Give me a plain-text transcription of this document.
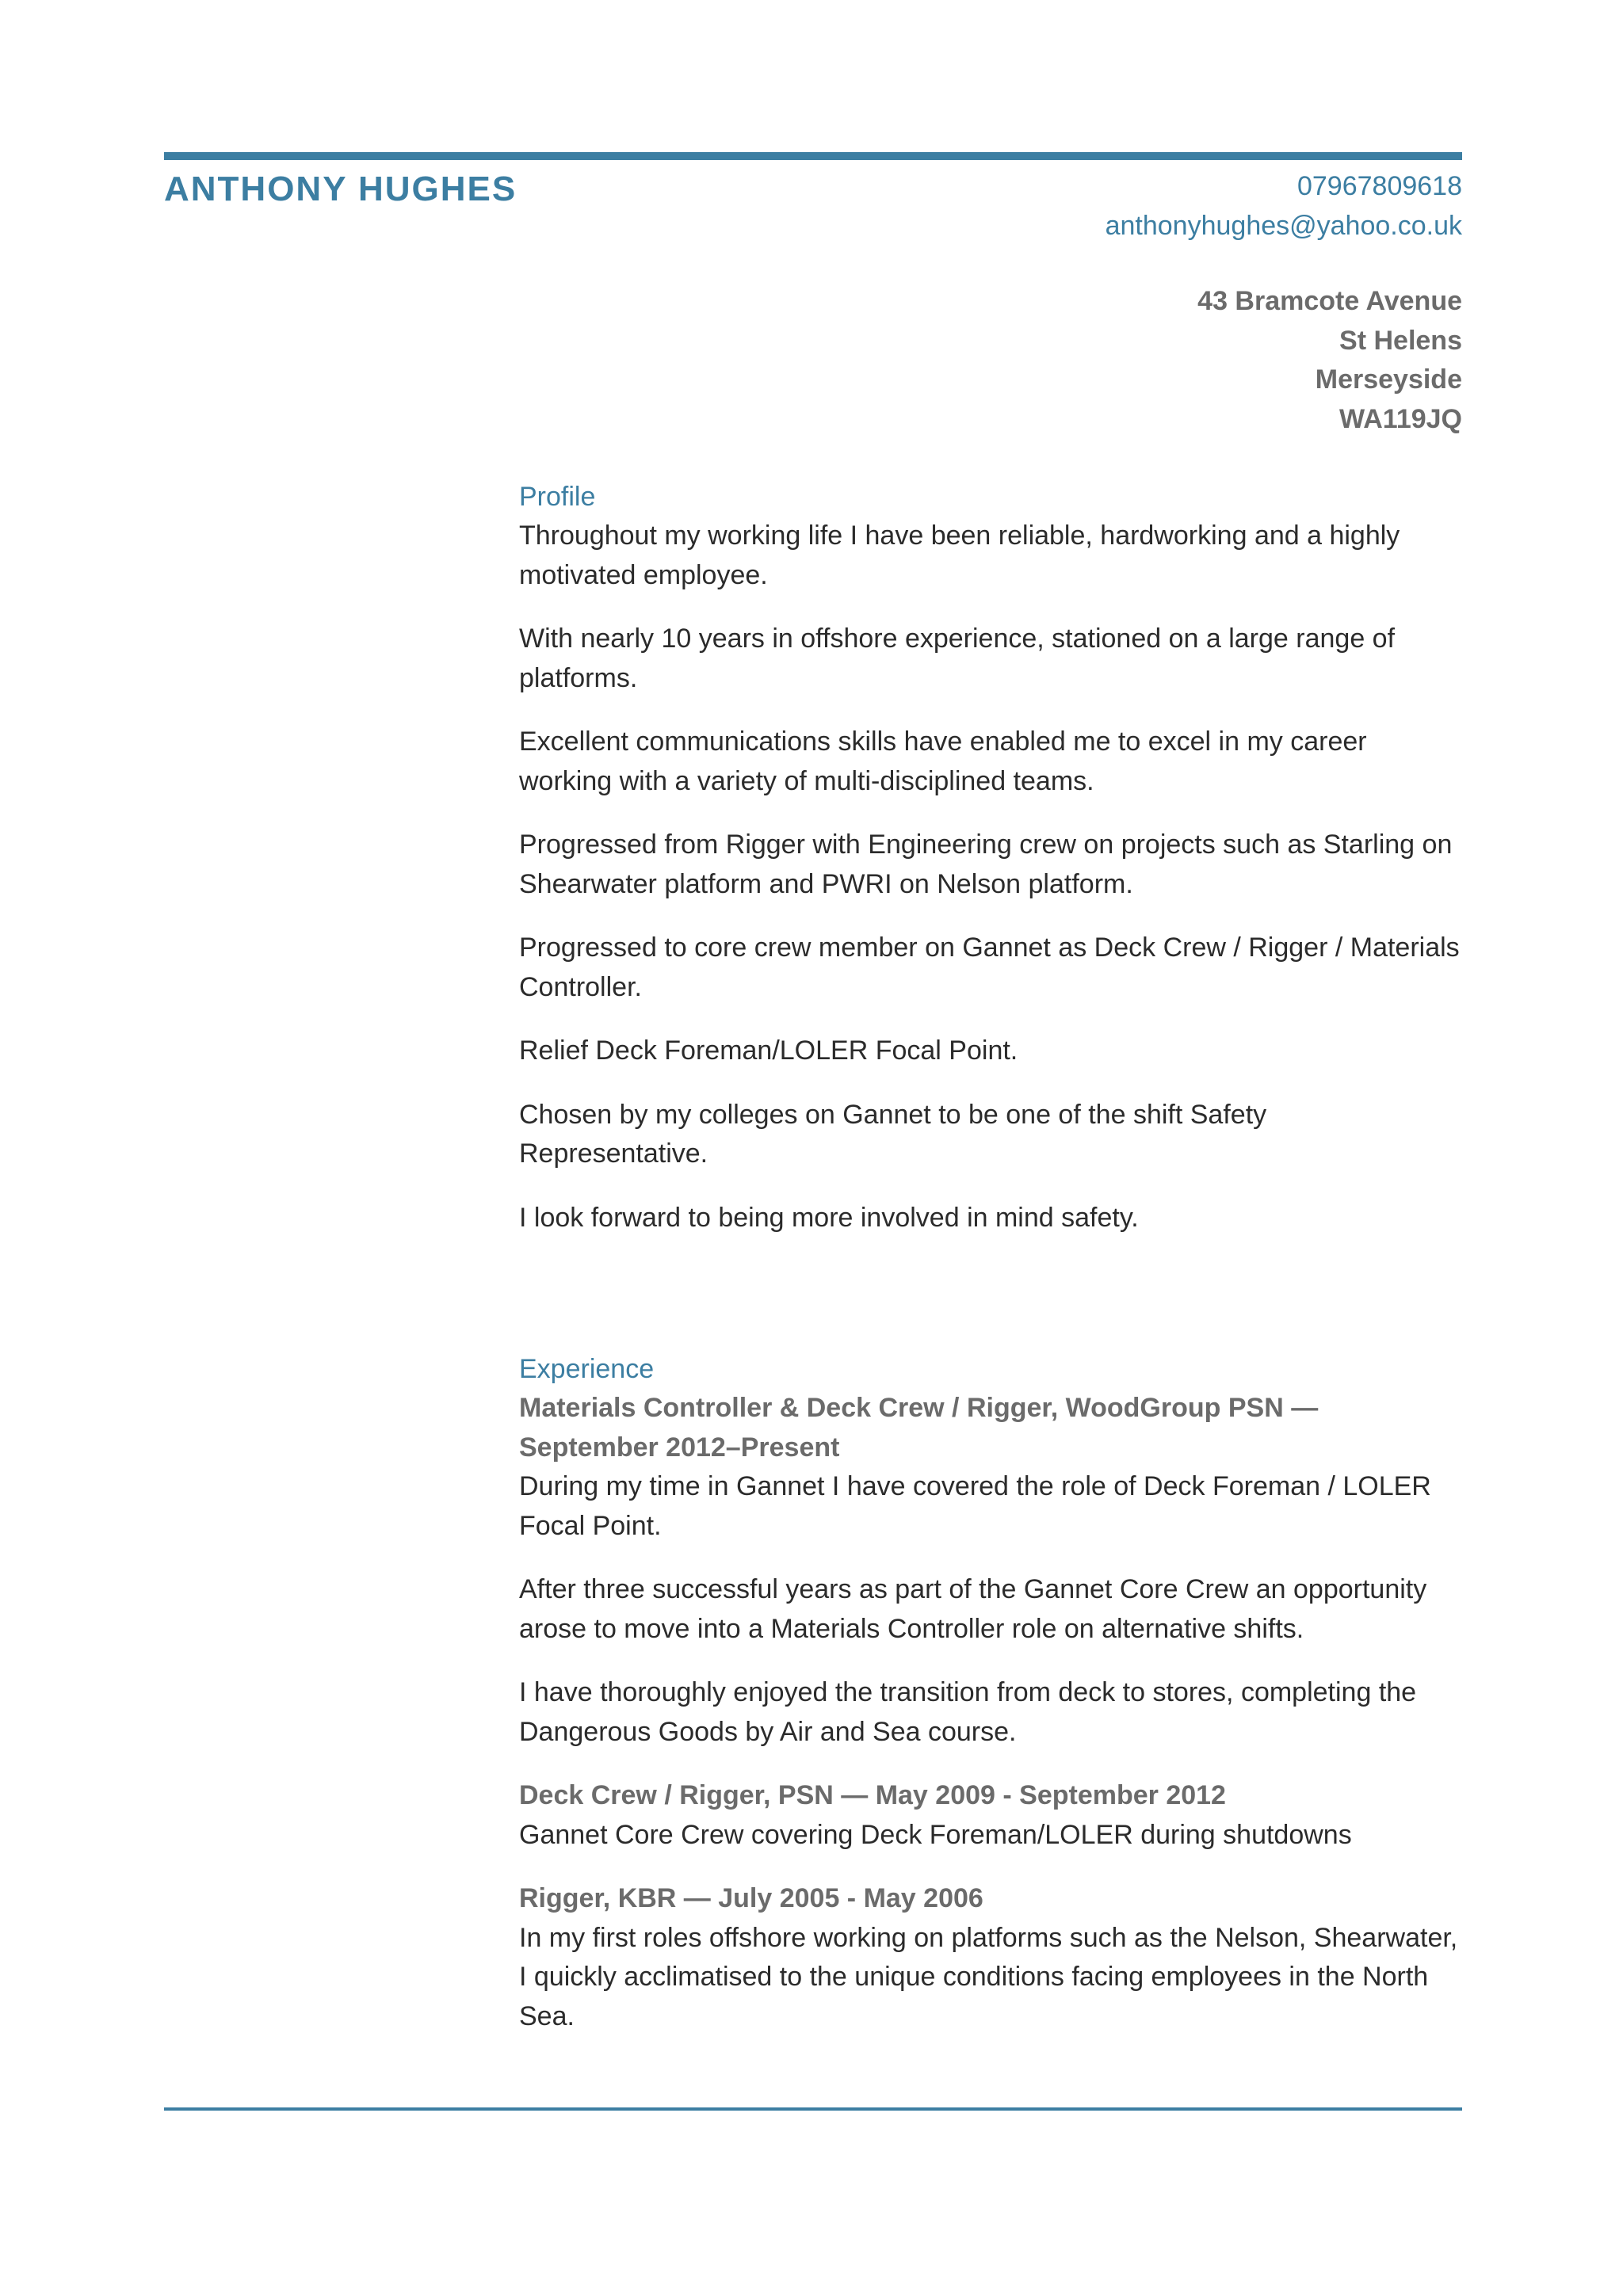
ANTHONY HUGHES	07967809618
anthonyhughes@yahoo.co.uk
43 Bramcote Avenue
St Helens
Merseyside
WA119JQ
Profile

Throughout my working life I have been reliable, hardworking and a highly motivated employee.

With nearly 10 years in offshore experience, stationed on a large range of platforms.

Excellent communications skills have enabled me to excel in my career working with a variety of multi-disciplined teams.

Progressed from Rigger with Engineering crew on projects such as Starling on Shearwater platform and PWRI on Nelson platform.

Progressed to core crew member on Gannet as Deck Crew / Rigger / Materials Controller.

Relief Deck Foreman/LOLER Focal Point.

Chosen by my colleges on Gannet to be one of the shift Safety Representative.

I look forward to being more involved in mind safety.

Experience

Materials Controller & Deck Crew / Rigger, WoodGroup PSN — September 2012–Present

During my time in Gannet I have covered the role of Deck Foreman / LOLER Focal Point.

After three successful years as part of the Gannet Core Crew an opportunity arose to move into a Materials Controller role on alternative shifts.

I have thoroughly enjoyed the transition from deck to stores, completing the Dangerous Goods by Air and Sea course.

Deck Crew / Rigger, PSN — May 2009 - September 2012

Gannet Core Crew covering Deck Foreman/LOLER during shutdowns

Rigger, KBR — July 2005 - May 2006

In my first roles offshore working on platforms such as the Nelson, Shearwater, I quickly acclimatised to the unique conditions facing employees in the North Sea.
